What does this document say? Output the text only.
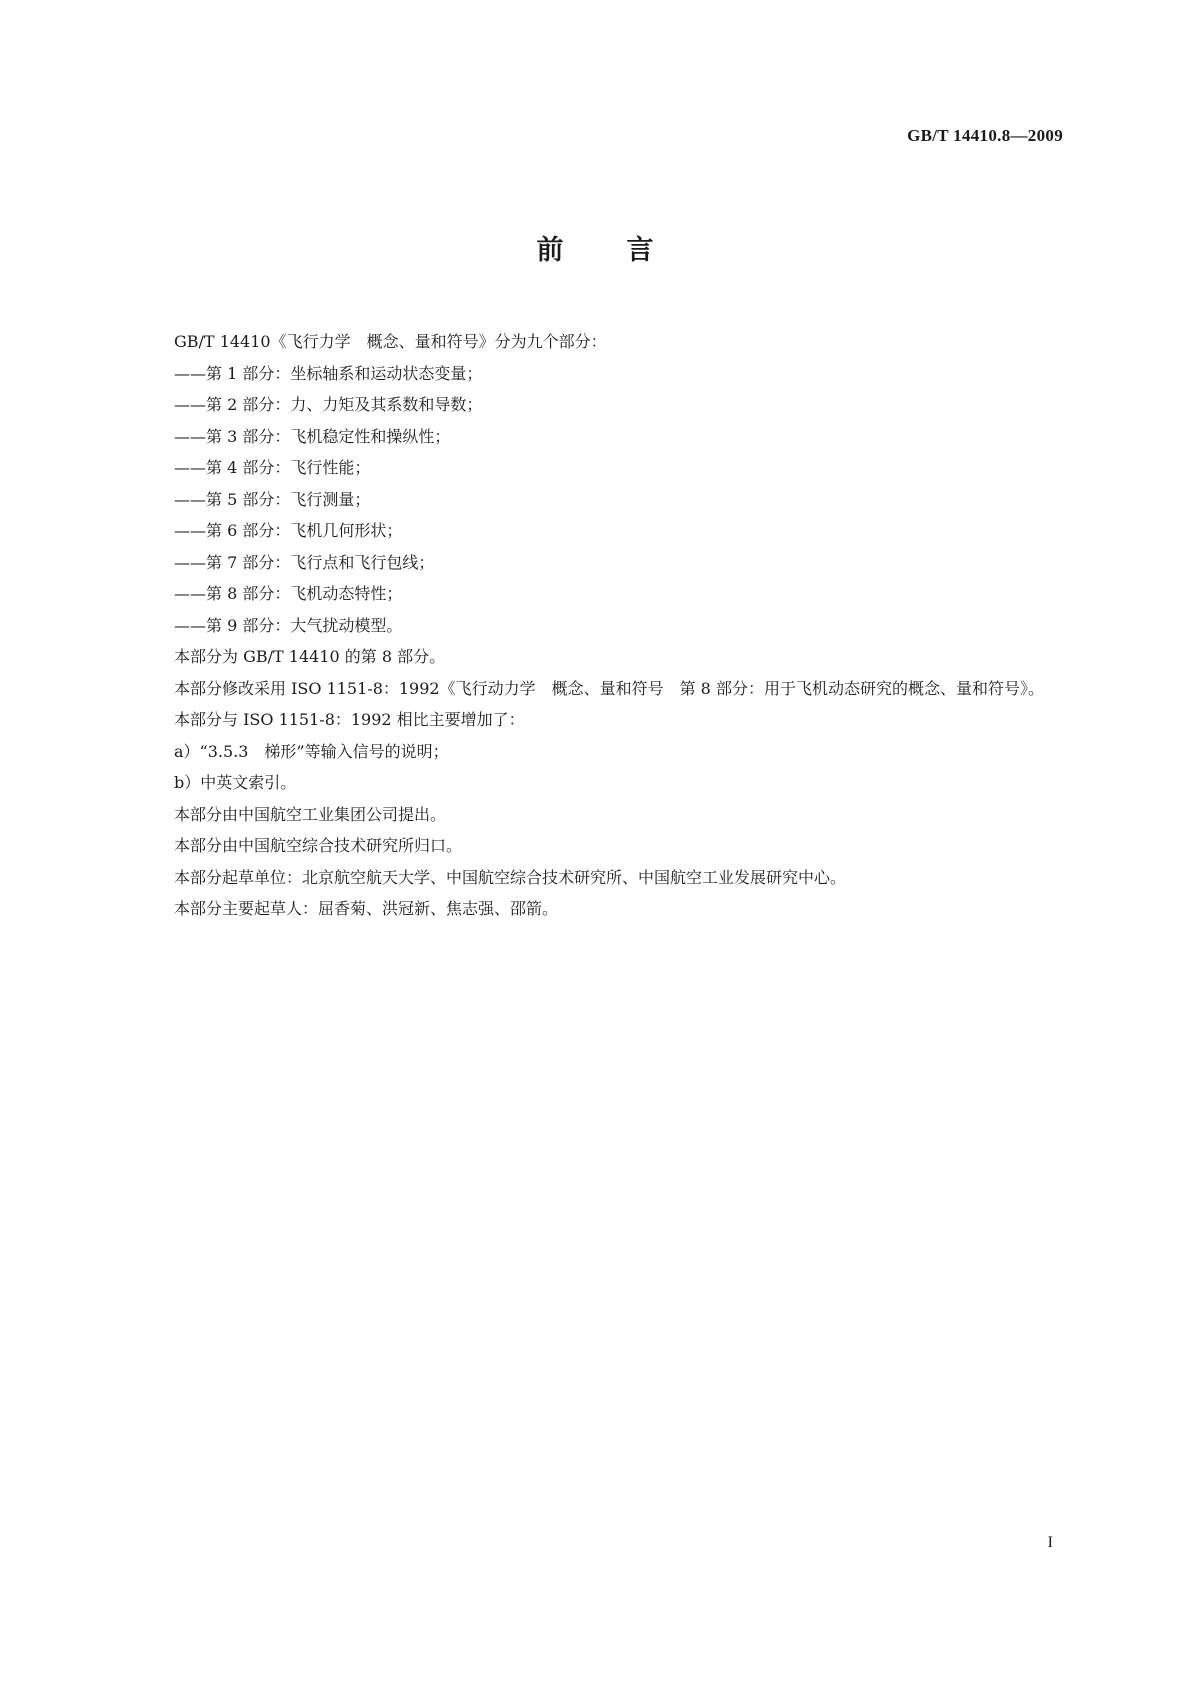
GB/T 14410.8—2009
前 言

GB/T 14410《飞行力学　概念、量和符号》分为九个部分：

——第 1 部分：坐标轴系和运动状态变量；

——第 2 部分：力、力矩及其系数和导数；

——第 3 部分：飞机稳定性和操纵性；

——第 4 部分：飞行性能；

——第 5 部分：飞行测量；

——第 6 部分：飞机几何形状；

——第 7 部分：飞行点和飞行包线；

——第 8 部分：飞机动态特性；

——第 9 部分：大气扰动模型。

本部分为 GB/T 14410 的第 8 部分。

本部分修改采用 ISO 1151-8：1992《飞行动力学　概念、量和符号　第 8 部分：用于飞机动态研究的概念、量和符号》。

本部分与 ISO 1151-8：1992 相比主要增加了：

a）“3.5.3　梯形”等输入信号的说明；

b）中英文索引。

本部分由中国航空工业集团公司提出。

本部分由中国航空综合技术研究所归口。

本部分起草单位：北京航空航天大学、中国航空综合技术研究所、中国航空工业发展研究中心。

本部分主要起草人：屈香菊、洪冠新、焦志强、邵箭。

I
